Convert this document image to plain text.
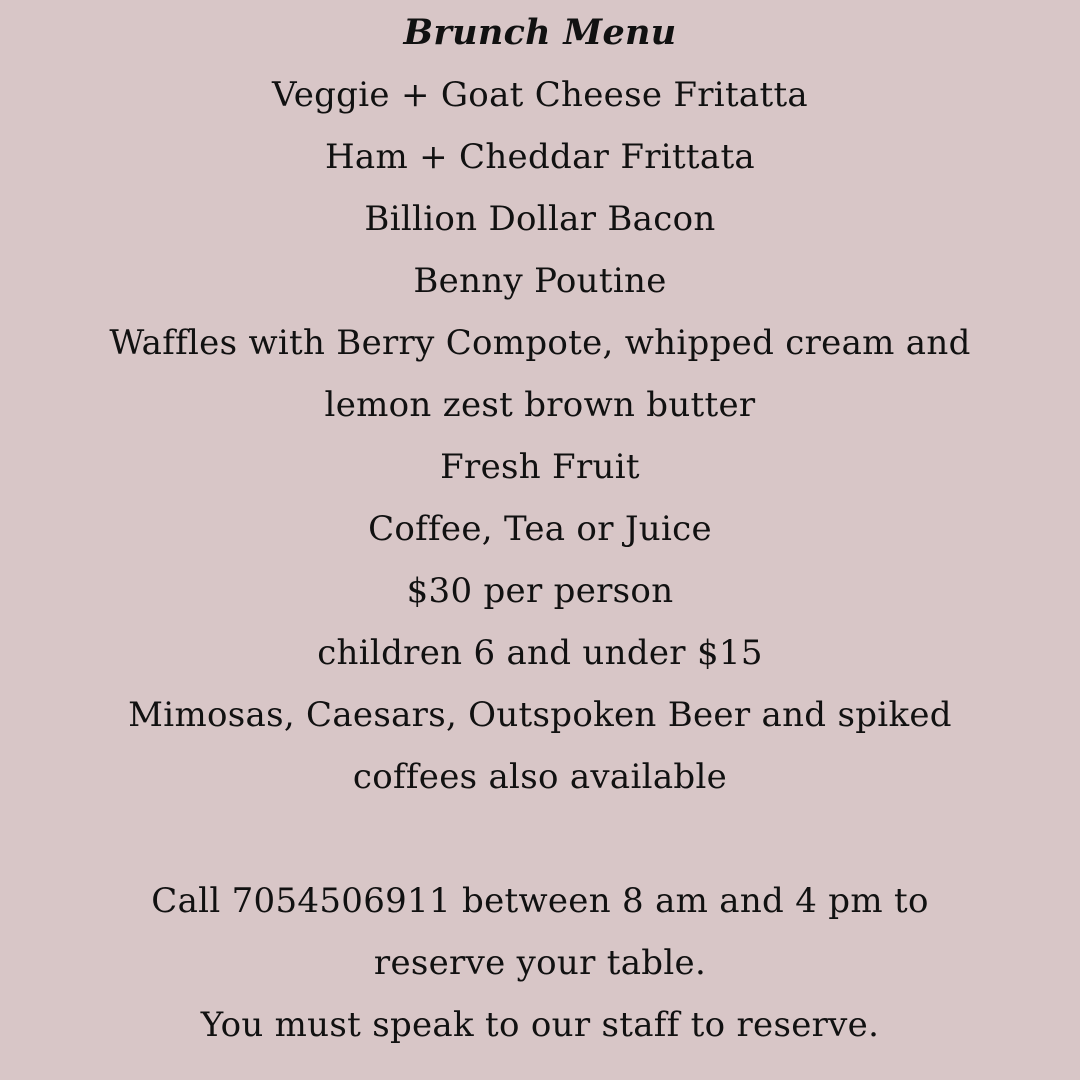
Brunch Menu
Veggie + Goat Cheese Fritatta
Ham + Cheddar Frittata
Billion Dollar Bacon
Benny Poutine
Waffles with Berry Compote, whipped cream and
lemon zest brown butter
Fresh Fruit
Coffee, Tea or Juice
$30 per person
children 6 and under $15
Mimosas, Caesars, Outspoken Beer and spiked
coffees also available
Call 7054506911 between 8 am and 4 pm to
reserve your table.
You must speak to our staff to reserve.
